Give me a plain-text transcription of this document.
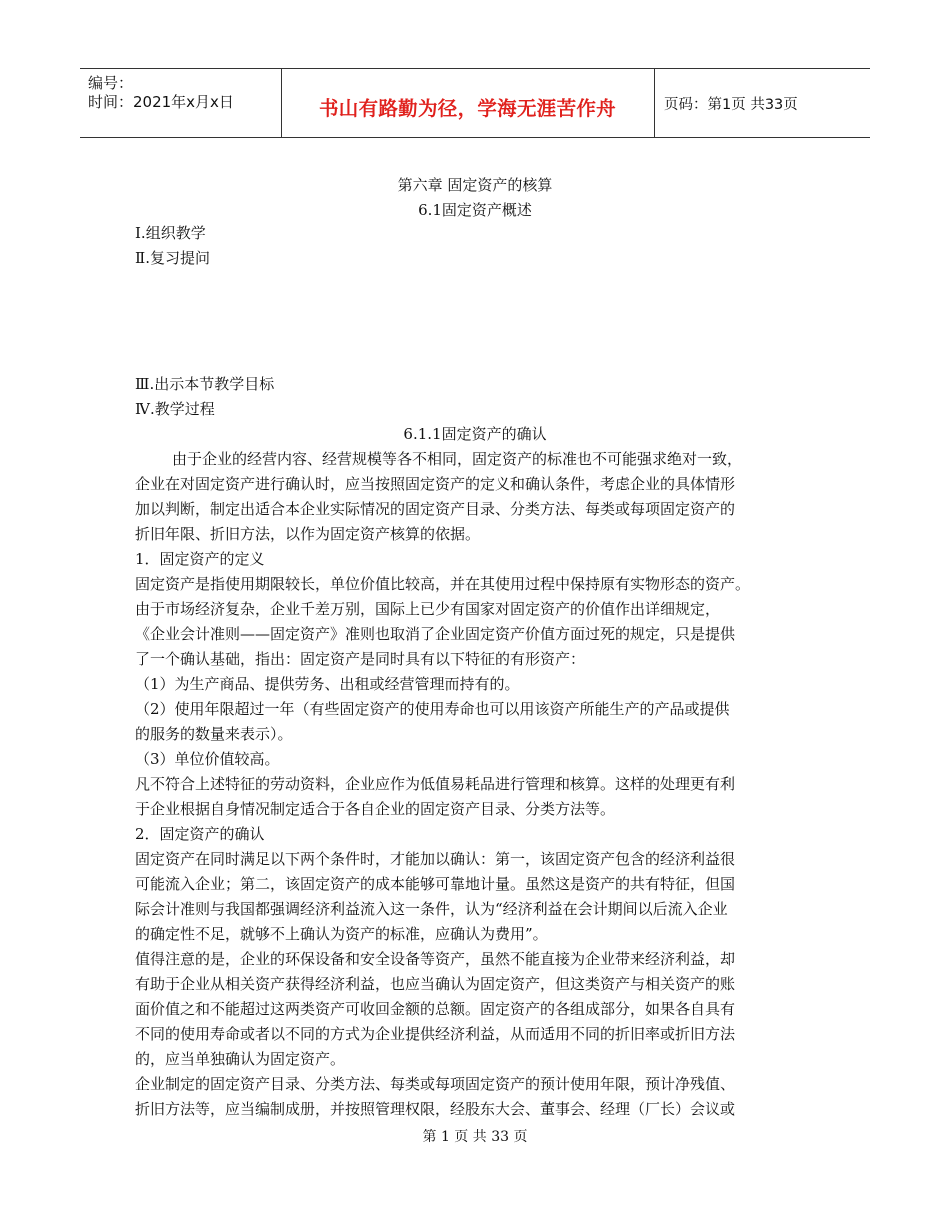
编号：
时间：2021年x月x日	书山有路勤为径，学海无涯苦作舟	页码：第1页 共33页
第六章 固定资产的核算
6.1固定资产概述
Ⅰ.组织教学
Ⅱ.复习提问
Ⅲ.出示本节教学目标
Ⅳ.教学过程
6.1.1固定资产的确认
由于企业的经营内容、经营规模等各不相同，固定资产的标准也不可能强求绝对一致，
企业在对固定资产进行确认时，应当按照固定资产的定义和确认条件，考虑企业的具体情形
加以判断，制定出适合本企业实际情况的固定资产目录、分类方法、每类或每项固定资产的
折旧年限、折旧方法，以作为固定资产核算的依据。
1．固定资产的定义
固定资产是指使用期限较长，单位价值比较高，并在其使用过程中保持原有实物形态的资产。
由于市场经济复杂，企业千差万别，国际上已少有国家对固定资产的价值作出详细规定，
《企业会计准则——固定资产》准则也取消了企业固定资产价值方面过死的规定，只是提供
了一个确认基础，指出：固定资产是同时具有以下特征的有形资产：
（1）为生产商品、提供劳务、出租或经营管理而持有的。
（2）使用年限超过一年（有些固定资产的使用寿命也可以用该资产所能生产的产品或提供
的服务的数量来表示）。
（3）单位价值较高。
凡不符合上述特征的劳动资料，企业应作为低值易耗品进行管理和核算。这样的处理更有利
于企业根据自身情况制定适合于各自企业的固定资产目录、分类方法等。
2．固定资产的确认
固定资产在同时满足以下两个条件时，才能加以确认：第一，该固定资产包含的经济利益很
可能流入企业；第二，该固定资产的成本能够可靠地计量。虽然这是资产的共有特征，但国
际会计准则与我国都强调经济利益流入这一条件，认为“经济利益在会计期间以后流入企业
的确定性不足，就够不上确认为资产的标准，应确认为费用”。
值得注意的是，企业的环保设备和安全设备等资产，虽然不能直接为企业带来经济利益，却
有助于企业从相关资产获得经济利益，也应当确认为固定资产，但这类资产与相关资产的账
面价值之和不能超过这两类资产可收回金额的总额。固定资产的各组成部分，如果各自具有
不同的使用寿命或者以不同的方式为企业提供经济利益，从而适用不同的折旧率或折旧方法
的，应当单独确认为固定资产。
企业制定的固定资产目录、分类方法、每类或每项固定资产的预计使用年限，预计净残值、
折旧方法等，应当编制成册，并按照管理权限，经股东大会、董事会、经理（厂长）会议或
第 1 页 共 33 页
